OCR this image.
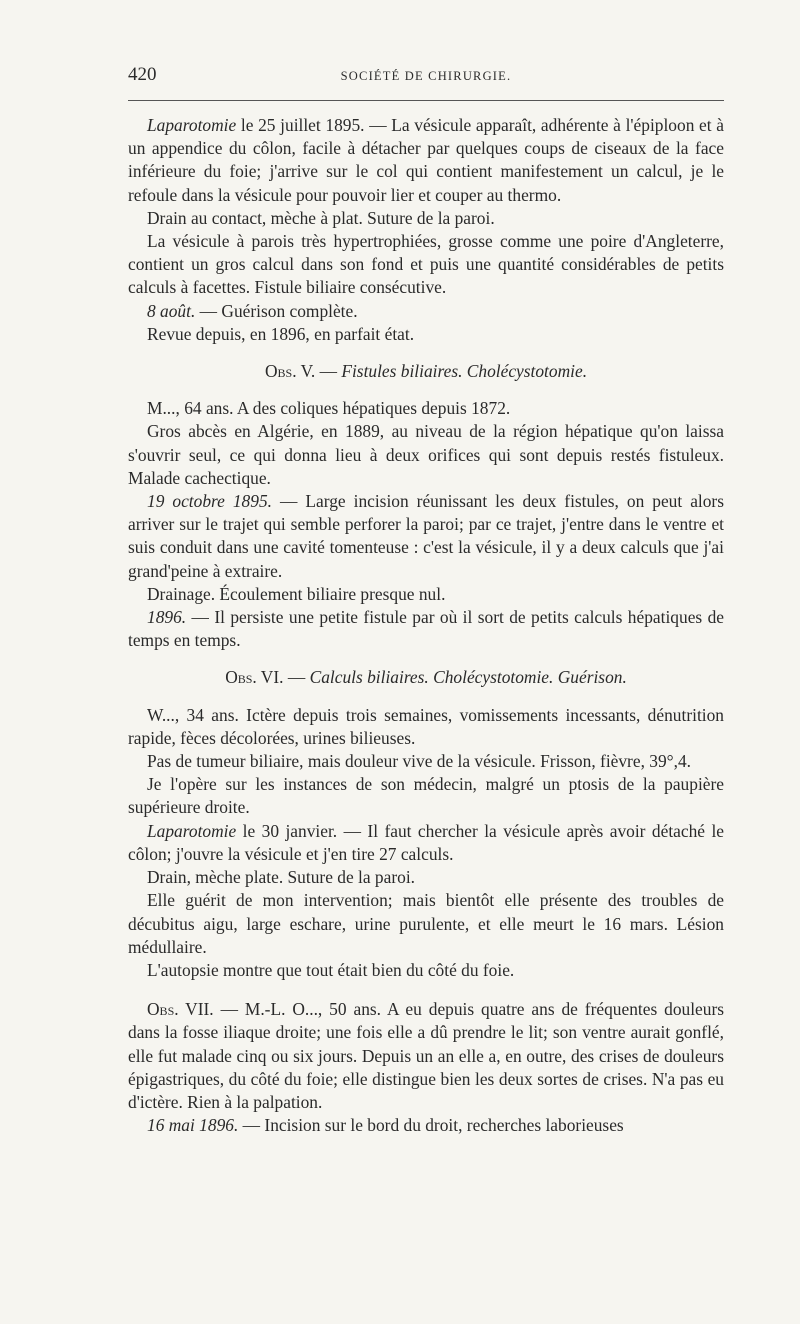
420	SOCIÉTÉ DE CHIRURGIE.

Laparotomie le 25 juillet 1895. — La vésicule apparaît, adhérente à l'épiploon et à un appendice du côlon, facile à détacher par quelques coups de ciseaux de la face inférieure du foie; j'arrive sur le col qui contient manifestement un calcul, je le refoule dans la vésicule pour pouvoir lier et couper au thermo.

Drain au contact, mèche à plat. Suture de la paroi.

La vésicule à parois très hypertrophiées, grosse comme une poire d'Angleterre, contient un gros calcul dans son fond et puis une quantité considérables de petits calculs à facettes. Fistule biliaire consécutive.

8 août. — Guérison complète.

Revue depuis, en 1896, en parfait état.

Obs. V. — Fistules biliaires. Cholécystotomie.

M..., 64 ans. A des coliques hépatiques depuis 1872.

Gros abcès en Algérie, en 1889, au niveau de la région hépatique qu'on laissa s'ouvrir seul, ce qui donna lieu à deux orifices qui sont depuis restés fistuleux. Malade cachectique.

19 octobre 1895. — Large incision réunissant les deux fistules, on peut alors arriver sur le trajet qui semble perforer la paroi; par ce trajet, j'entre dans le ventre et suis conduit dans une cavité tomenteuse : c'est la vésicule, il y a deux calculs que j'ai grand'peine à extraire.

Drainage. Écoulement biliaire presque nul.

1896. — Il persiste une petite fistule par où il sort de petits calculs hépatiques de temps en temps.

Obs. VI. — Calculs biliaires. Cholécystotomie. Guérison.

W..., 34 ans. Ictère depuis trois semaines, vomissements incessants, dénutrition rapide, fèces décolorées, urines bilieuses.

Pas de tumeur biliaire, mais douleur vive de la vésicule. Frisson, fièvre, 39°,4.

Je l'opère sur les instances de son médecin, malgré un ptosis de la paupière supérieure droite.

Laparotomie le 30 janvier. — Il faut chercher la vésicule après avoir détaché le côlon; j'ouvre la vésicule et j'en tire 27 calculs.

Drain, mèche plate. Suture de la paroi.

Elle guérit de mon intervention; mais bientôt elle présente des troubles de décubitus aigu, large eschare, urine purulente, et elle meurt le 16 mars. Lésion médullaire.

L'autopsie montre que tout était bien du côté du foie.

Obs. VII. — M.-L. O..., 50 ans. A eu depuis quatre ans de fréquentes douleurs dans la fosse iliaque droite; une fois elle a dû prendre le lit; son ventre aurait gonflé, elle fut malade cinq ou six jours. Depuis un an elle a, en outre, des crises de douleurs épigastriques, du côté du foie; elle distingue bien les deux sortes de crises. N'a pas eu d'ictère. Rien à la palpation.

16 mai 1896. — Incision sur le bord du droit, recherches laborieuses
